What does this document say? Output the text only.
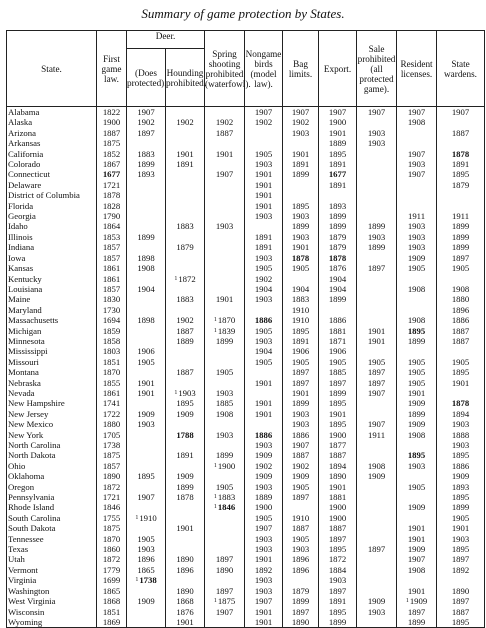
Summary of game protection by States.
State.	First game law.	Deer.		Spring shooting prohibited (waterfowl).	Nongame birds (model law).	Bag limits.	Export.	Sale prohibited (all protected game).	Resident licenses.	State wardens.
		(Does protected).	Hounding prohibited.							
Alabama	1822	1907			1907	1907	1907	1907	1907	1907
Alaska	1900	1902	1902	1902	1902	1902	1900		1908	
Arizona	1887	1897		1887		1903	1901	1903		1887
Arkansas	1875						1889	1903		
California	1852	1883	1901	1901	1905	1901	1895		1907	1878
Colorado	1867	1899	1891		1903	1891	1891		1903	1891
Connecticut	1677	1893		1907	1901	1899	1677		1907	1895
Delaware	1721				1901		1891			1879
District of Columbia	1878				1901					
Florida	1828				1901	1895	1893			
Georgia	1790				1903	1903	1899		1911	1911
Idaho	1864		1883	1903		1899	1899	1899	1903	1899
Illinois	1853	1899			1891	1903	1879	1903	1903	1899
Indiana	1857		1879		1891	1901	1879	1899	1903	1899
Iowa	1857	1898			1903	1878	1878		1909	1897
Kansas	1861	1908			1905	1905	1876	1897	1905	1905
Kentucky	1861		$^1$1872		1902		1904			
Louisiana	1857	1904			1904	1904	1904		1908	1908
Maine	1830		1883	1901	1903	1883	1899			1880
Maryland	1730					1910				1896
Massachusetts	1694	1898	1902	$^1$1870	1886	1910	1886		1908	1886
Michigan	1859		1887	$^1$1839	1905	1895	1881	1901	1895	1887
Minnesota	1858		1889	1899	1903	1891	1871	1901	1899	1887
Mississippi	1803	1906			1904	1906	1906			
Missouri	1851	1905			1905	1905	1905	1905	1905	1905
Montana	1870		1887	1905		1897	1885	1897	1905	1895
Nebraska	1855	1901			1901	1897	1897	1897	1905	1901
Nevada	1861	1901	$^1$1903	1903		1901	1899	1907	1901	
New Hampshire	1741		1895	1885	1901	1899	1895		1909	1878
New Jersey	1722	1909	1909	1908	1901	1903	1901		1899	1894
New Mexico	1880	1903				1903	1895	1907	1909	1903
New York	1705		1788	1903	1886	1886	1900	1911	1908	1888
North Carolina	1738				1903	1907	1877			1903
North Dakota	1875		1891	1899	1909	1887	1887		1895	1895
Ohio	1857			$^1$1900	1902	1902	1894	1908	1903	1886
Oklahoma	1890	1895	1909		1909	1909	1890	1909		1909
Oregon	1872		1899	1905	1903	1905	1901		1905	1893
Pennsylvania	1721	1907	1878	$^1$1883	1889	1897	1881			1895
Rhode Island	1846			$^1$1846	1900		1900		1909	1899
South Carolina	1755	$^1$1910			1905	1910	1900			1905
South Dakota	1875		1901		1907	1887	1887		1901	1901
Tennessee	1870	1905			1903	1905	1897		1901	1903
Texas	1860	1903			1903	1903	1895	1897	1909	1895
Utah	1872	1896	1890	1897	1901	1896	1872		1907	1897
Vermont	1779	1865	1896	1890	1892	1896	1884		1908	1892
Virginia	1699	$^1$1738			1903		1903			
Washington	1865		1890	1897	1903	1879	1897		1901	1890
West Virginia	1868	1909	1868	$^1$1875	1907	1899	1891	1909	$^1$1909	1897
Wisconsin	1851		1876	1907	1901	1897	1895	1903	1897	1887
Wyoming	1869		1901		1901	1890	1899		1899	1895
